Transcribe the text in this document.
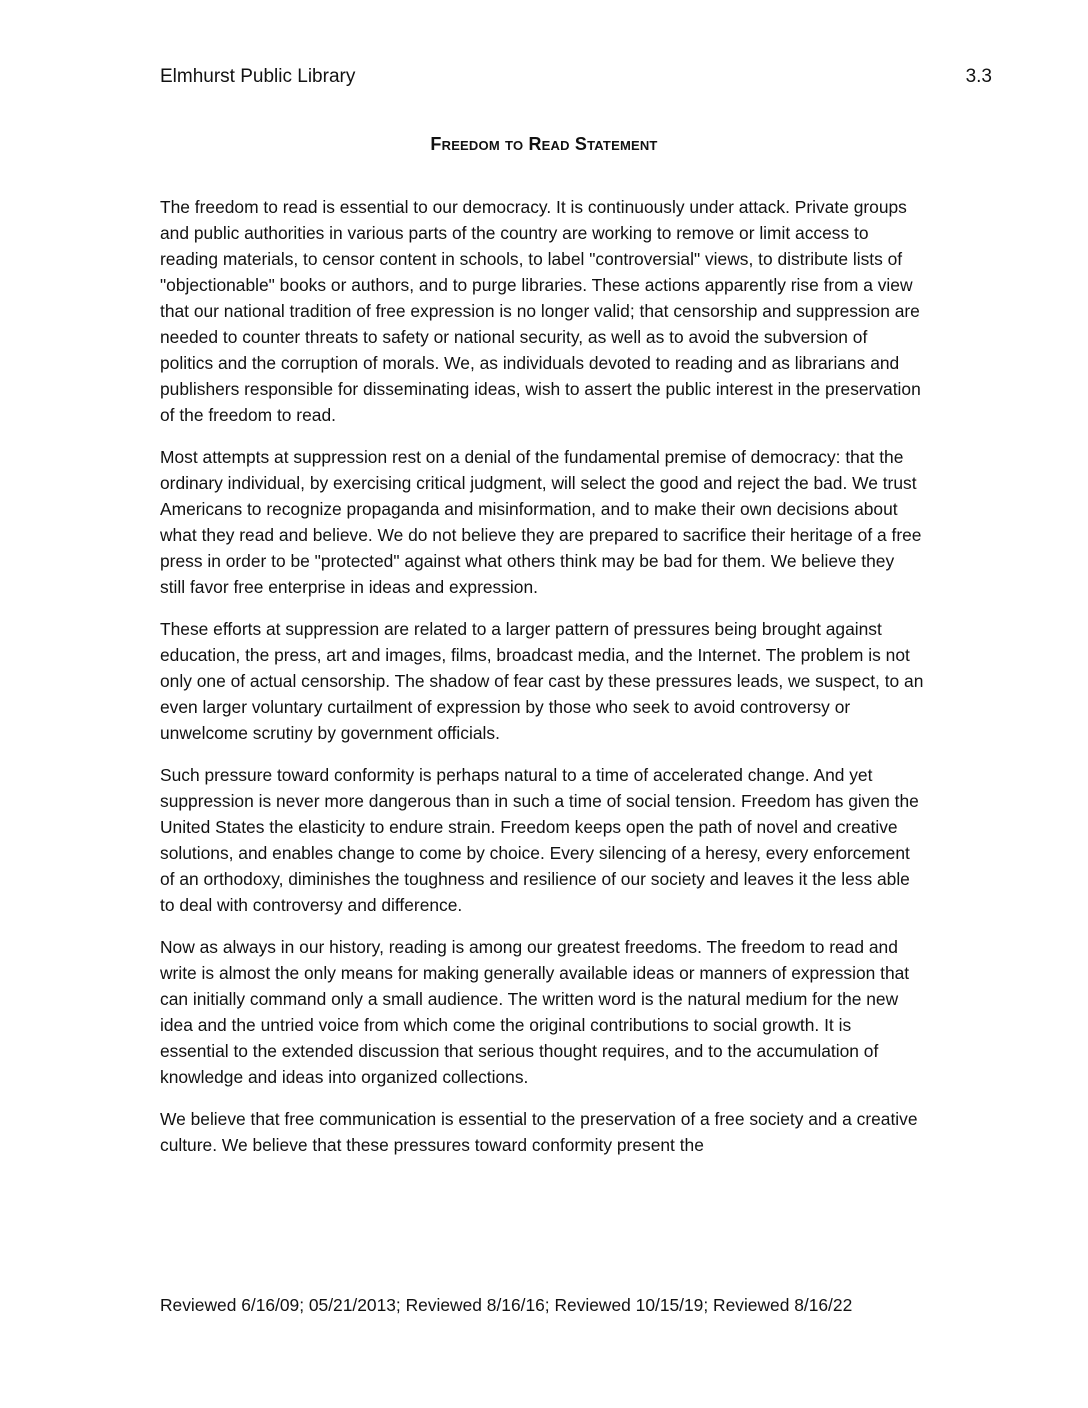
Elmhurst Public Library	3.3
Freedom to Read Statement

The freedom to read is essential to our democracy. It is continuously under attack. Private groups and public authorities in various parts of the country are working to remove or limit access to reading materials, to censor content in schools, to label "controversial" views, to distribute lists of "objectionable" books or authors, and to purge libraries. These actions apparently rise from a view that our national tradition of free expression is no longer valid; that censorship and suppression are needed to counter threats to safety or national security, as well as to avoid the subversion of politics and the corruption of morals. We, as individuals devoted to reading and as librarians and publishers responsible for disseminating ideas, wish to assert the public interest in the preservation of the freedom to read.

Most attempts at suppression rest on a denial of the fundamental premise of democracy: that the ordinary individual, by exercising critical judgment, will select the good and reject the bad. We trust Americans to recognize propaganda and misinformation, and to make their own decisions about what they read and believe. We do not believe they are prepared to sacrifice their heritage of a free press in order to be "protected" against what others think may be bad for them. We believe they still favor free enterprise in ideas and expression.

These efforts at suppression are related to a larger pattern of pressures being brought against education, the press, art and images, films, broadcast media, and the Internet. The problem is not only one of actual censorship. The shadow of fear cast by these pressures leads, we suspect, to an even larger voluntary curtailment of expression by those who seek to avoid controversy or unwelcome scrutiny by government officials.

Such pressure toward conformity is perhaps natural to a time of accelerated change. And yet suppression is never more dangerous than in such a time of social tension. Freedom has given the United States the elasticity to endure strain. Freedom keeps open the path of novel and creative solutions, and enables change to come by choice. Every silencing of a heresy, every enforcement of an orthodoxy, diminishes the toughness and resilience of our society and leaves it the less able to deal with controversy and difference.

Now as always in our history, reading is among our greatest freedoms. The freedom to read and write is almost the only means for making generally available ideas or manners of expression that can initially command only a small audience. The written word is the natural medium for the new idea and the untried voice from which come the original contributions to social growth. It is essential to the extended discussion that serious thought requires, and to the accumulation of knowledge and ideas into organized collections.

We believe that free communication is essential to the preservation of a free society and a creative culture. We believe that these pressures toward conformity present the

Reviewed 6/16/09; 05/21/2013; Reviewed 8/16/16; Reviewed 10/15/19; Reviewed 8/16/22
